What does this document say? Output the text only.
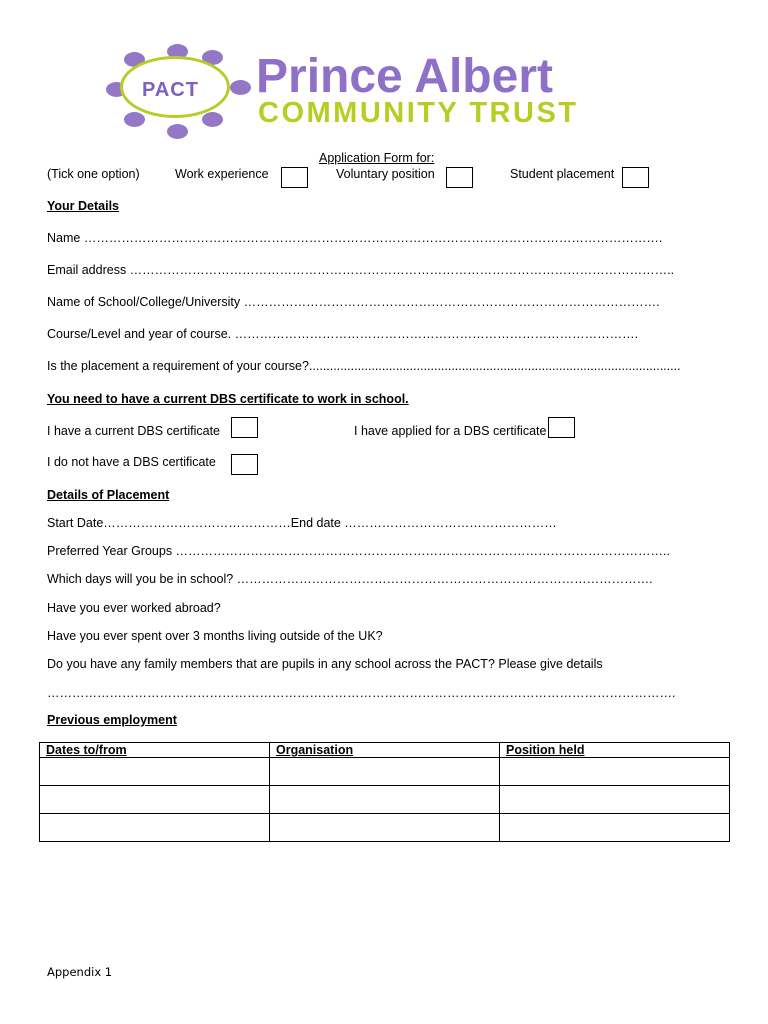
PACT Prince Albert
COMMUNITY TRUST
Application Form for:
(Tick one option)	Work experience	Voluntary position	Student placement
Your Details
Name ………………………………………………………………………………………………………………………….
Email address …………………………………………………………………………………………………………………..
Name of School/College/University ……………………………………………………………………………………….
Course/Level and year of course. …………………………………………………………………………………….
Is the placement a requirement of your course?...........................................................................................................
You need to have a current DBS certificate to work in school.
I have a current DBS certificate	I have applied for a DBS certificate
I do not have a DBS certificate
Details of Placement
Start Date………………………………………End date ……………………………………………
Preferred Year Groups ………………………………………………………………………………………………………..
Which days will you be in school? ……………………………………………………………………………………….
Have you ever worked abroad?
Have you ever spent over 3 months living outside of the UK?
Do you have any family members that are pupils in any school across the PACT? Please give details
…………………………………………………………………………………………………………………………………….
Previous employment
Dates to/from	Organisation	Position held

Appendix 1
